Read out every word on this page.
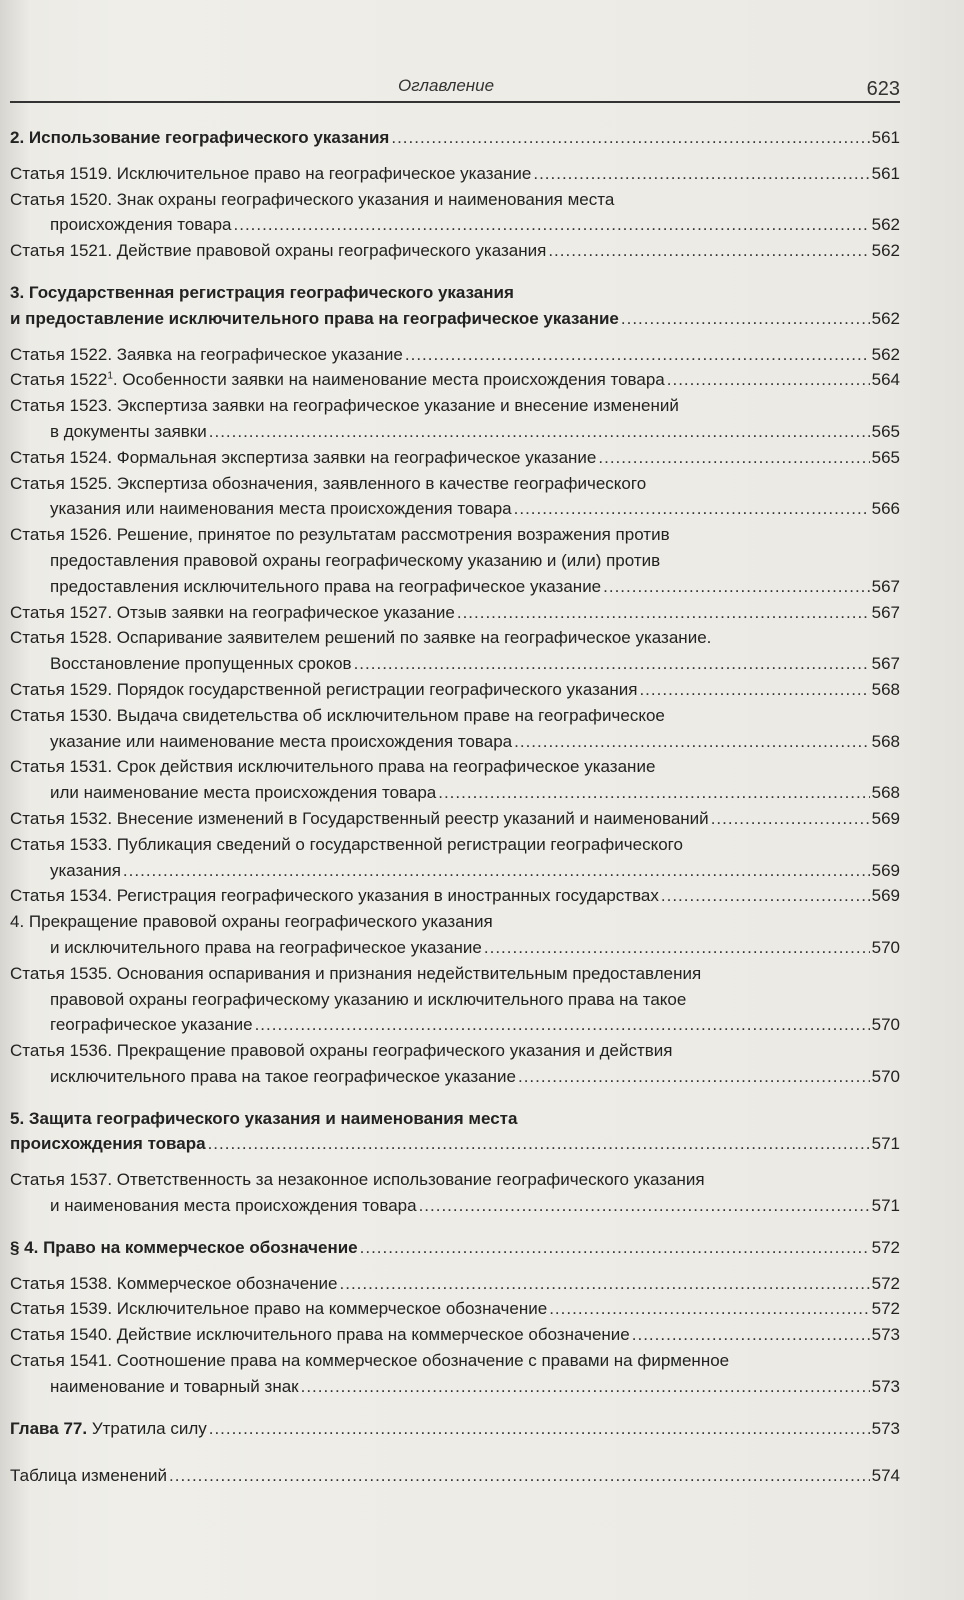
Оглавление	623
2. Использование географического указания .....	561
Статья 1519. Исключительное право на географическое указание .....	561
Статья 1520. Знак охраны географического указания и наименования места
происхождения товара .....	562
Статья 1521. Действие правовой охраны географического указания .....	562
3. Государственная регистрация географического указания
и предоставление исключительного права на географическое указание .....	562
Статья 1522. Заявка на географическое указание .....	562
Статья 1522$^1$. Особенности заявки на наименование места происхождения товара .....	564
Статья 1523. Экспертиза заявки на географическое указание и внесение изменений
в документы заявки .....	565
Статья 1524. Формальная экспертиза заявки на географическое указание .....	565
Статья 1525. Экспертиза обозначения, заявленного в качестве географического
указания или наименования места происхождения товара .....	566
Статья 1526. Решение, принятое по результатам рассмотрения возражения против
предоставления правовой охраны географическому указанию и (или) против
предоставления исключительного права на географическое указание .....	567
Статья 1527. Отзыв заявки на географическое указание .....	567
Статья 1528. Оспаривание заявителем решений по заявке на географическое указание.
Восстановление пропущенных сроков .....	567
Статья 1529. Порядок государственной регистрации географического указания .....	568
Статья 1530. Выдача свидетельства об исключительном праве на географическое
указание или наименование места происхождения товара .....	568
Статья 1531. Срок действия исключительного права на географическое указание
или наименование места происхождения товара .....	568
Статья 1532. Внесение изменений в Государственный реестр указаний и наименований .....	569
Статья 1533. Публикация сведений о государственной регистрации географического
указания .....	569
Статья 1534. Регистрация географического указания в иностранных государствах .....	569
4. Прекращение правовой охраны географического указания
и исключительного права на географическое указание .....	570
Статья 1535. Основания оспаривания и признания недействительным предоставления
правовой охраны географическому указанию и исключительного права на такое
географическое указание .....	570
Статья 1536. Прекращение правовой охраны географического указания и действия
исключительного права на такое географическое указание .....	570
5. Защита географического указания и наименования места
происхождения товара .....	571
Статья 1537. Ответственность за незаконное использование географического указания
и наименования места происхождения товара .....	571
§ 4. Право на коммерческое обозначение .....	572
Статья 1538. Коммерческое обозначение .....	572
Статья 1539. Исключительное право на коммерческое обозначение .....	572
Статья 1540. Действие исключительного права на коммерческое обозначение .....	573
Статья 1541. Соотношение права на коммерческое обозначение с правами на фирменное
наименование и товарный знак .....	573
Глава 77. Утратила силу .....	573
Таблица изменений .....	574
